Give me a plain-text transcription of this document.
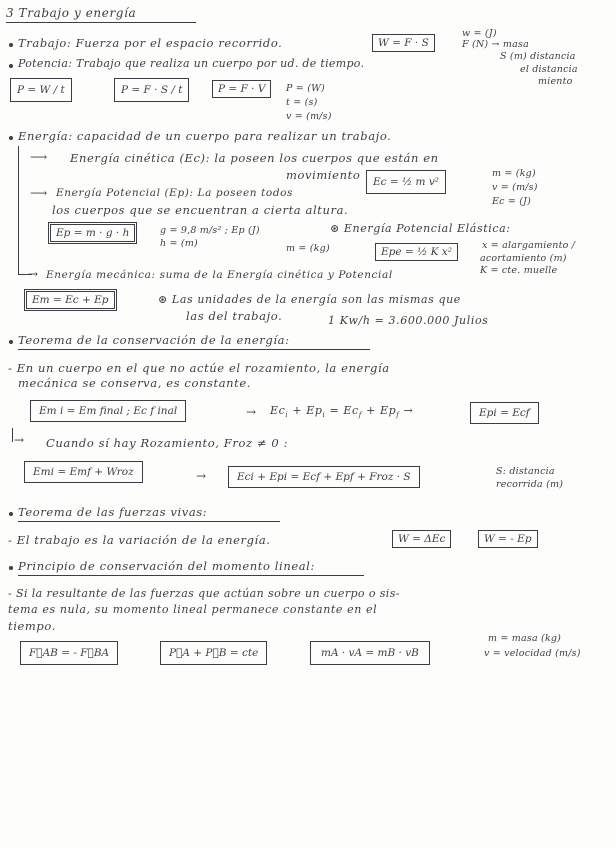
3 Trabajo y energía
Trabajo: Fuerza por el espacio recorrido.	W = F · S
w = (J)
F (N) → masa
Potencia: Trabajo que realiza un cuerpo por ud. de tiempo.
S (m) distancia
el distancia
miento
P = W / t	P = F · S / t	P = F · V	P = (W)
t = (s)
v = (m/s)
Energía: capacidad de un cuerpo para realizar un trabajo.
⟶ Energía cinética (Ec): la poseen los cuerpos que están en
movimiento	Ec = ½ m v²
m = (kg)
v = (m/s)
Ec = (J)
⟶ Energía Potencial (Ep): La poseen todos
los cuerpos que se encuentran a cierta altura.
Ep = m · g · h	g = 9,8 m/s² ; Ep (J)
h = (m)	m = (kg)
⊛ Energía Potencial Elástica:
Epe = ½ K x²
x = alargamiento /
acortamiento (m)
K = cte. muelle
→ Energía mecánica: suma de la Energía cinética y Potencial
Em = Ec + Ep	⊛ Las unidades de la energía son las mismas que
las del trabajo.	1 Kw/h = 3.600.000 Julios
Teorema de la conservación de la energía:
- En un cuerpo en el que no actúe el rozamiento, la energía
mecánica se conserva, es constante.
Em i = Em final ; Ec f inal	→ $Ec_i + Ep_i = Ec_f + Ep_f$ →	Epi = Ecf
→ Cuando sí hay Rozamiento, Froz ≠ 0 :
Emi = Emf + Wroz	→	Eci + Epi = Ecf + Epf + Froz · S	S: distancia
recorrida (m)
Teorema de las fuerzas vivas:
- El trabajo es la variación de la energía.	W = ΔEc	W = - Ep
Principio de conservación del momento lineal:
- Si la resultante de las fuerzas que actúan sobre un cuerpo o sis-
tema es nula, su momento lineal permanece constante en el
tiempo.
F⃗AB = - F⃗BA	P⃗A + P⃗B = cte	mA · vA = mB · vB
m = masa (kg)
v = velocidad (m/s)
